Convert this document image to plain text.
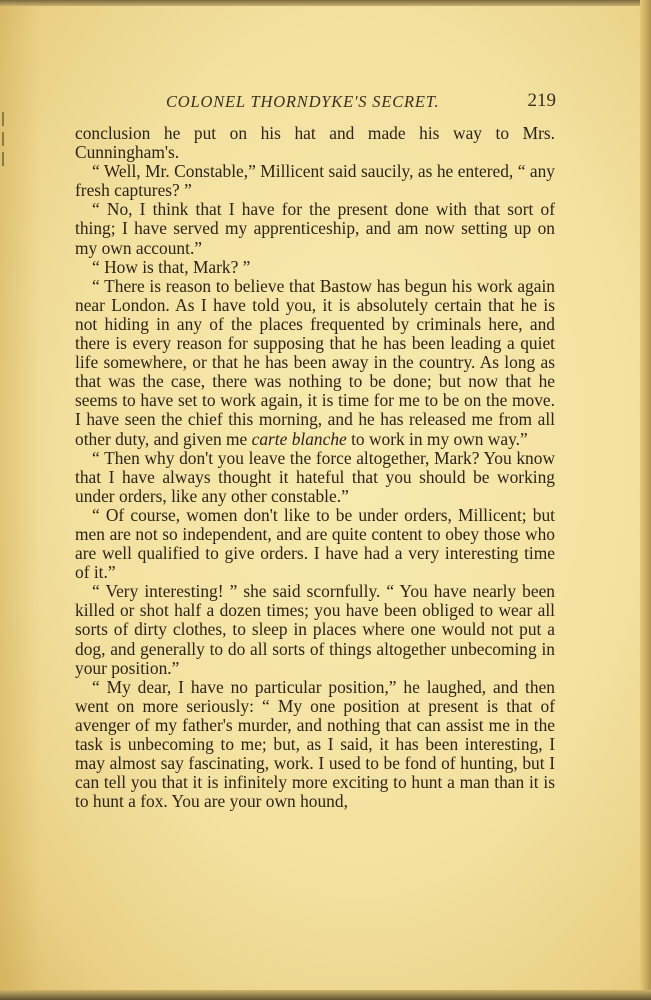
COLONEL THORNDYKE'S SECRET.	219

conclusion he put on his hat and made his way to Mrs. Cunningham's.

“ Well, Mr. Constable,” Millicent said saucily, as he entered, “ any fresh captures? ”

“ No, I think that I have for the present done with that sort of thing; I have served my apprenticeship, and am now setting up on my own account.”

“ How is that, Mark? ”

“ There is reason to believe that Bastow has begun his work again near London. As I have told you, it is absolutely certain that he is not hiding in any of the places frequented by criminals here, and there is every reason for supposing that he has been leading a quiet life somewhere, or that he has been away in the country. As long as that was the case, there was nothing to be done; but now that he seems to have set to work again, it is time for me to be on the move. I have seen the chief this morning, and he has released me from all other duty, and given me carte blanche to work in my own way.”

“ Then why don't you leave the force altogether, Mark? You know that I have always thought it hateful that you should be working under orders, like any other constable.”

“ Of course, women don't like to be under orders, Millicent; but men are not so independent, and are quite content to obey those who are well qualified to give orders. I have had a very interesting time of it.”

“ Very interesting! ” she said scornfully. “ You have nearly been killed or shot half a dozen times; you have been obliged to wear all sorts of dirty clothes, to sleep in places where one would not put a dog, and generally to do all sorts of things altogether unbecoming in your position.”

“ My dear, I have no particular position,” he laughed, and then went on more seriously: “ My one position at present is that of avenger of my father's murder, and nothing that can assist me in the task is unbecoming to me; but, as I said, it has been interesting, I may almost say fascinating, work. I used to be fond of hunting, but I can tell you that it is infinitely more exciting to hunt a man than it is to hunt a fox. You are your own hound,
